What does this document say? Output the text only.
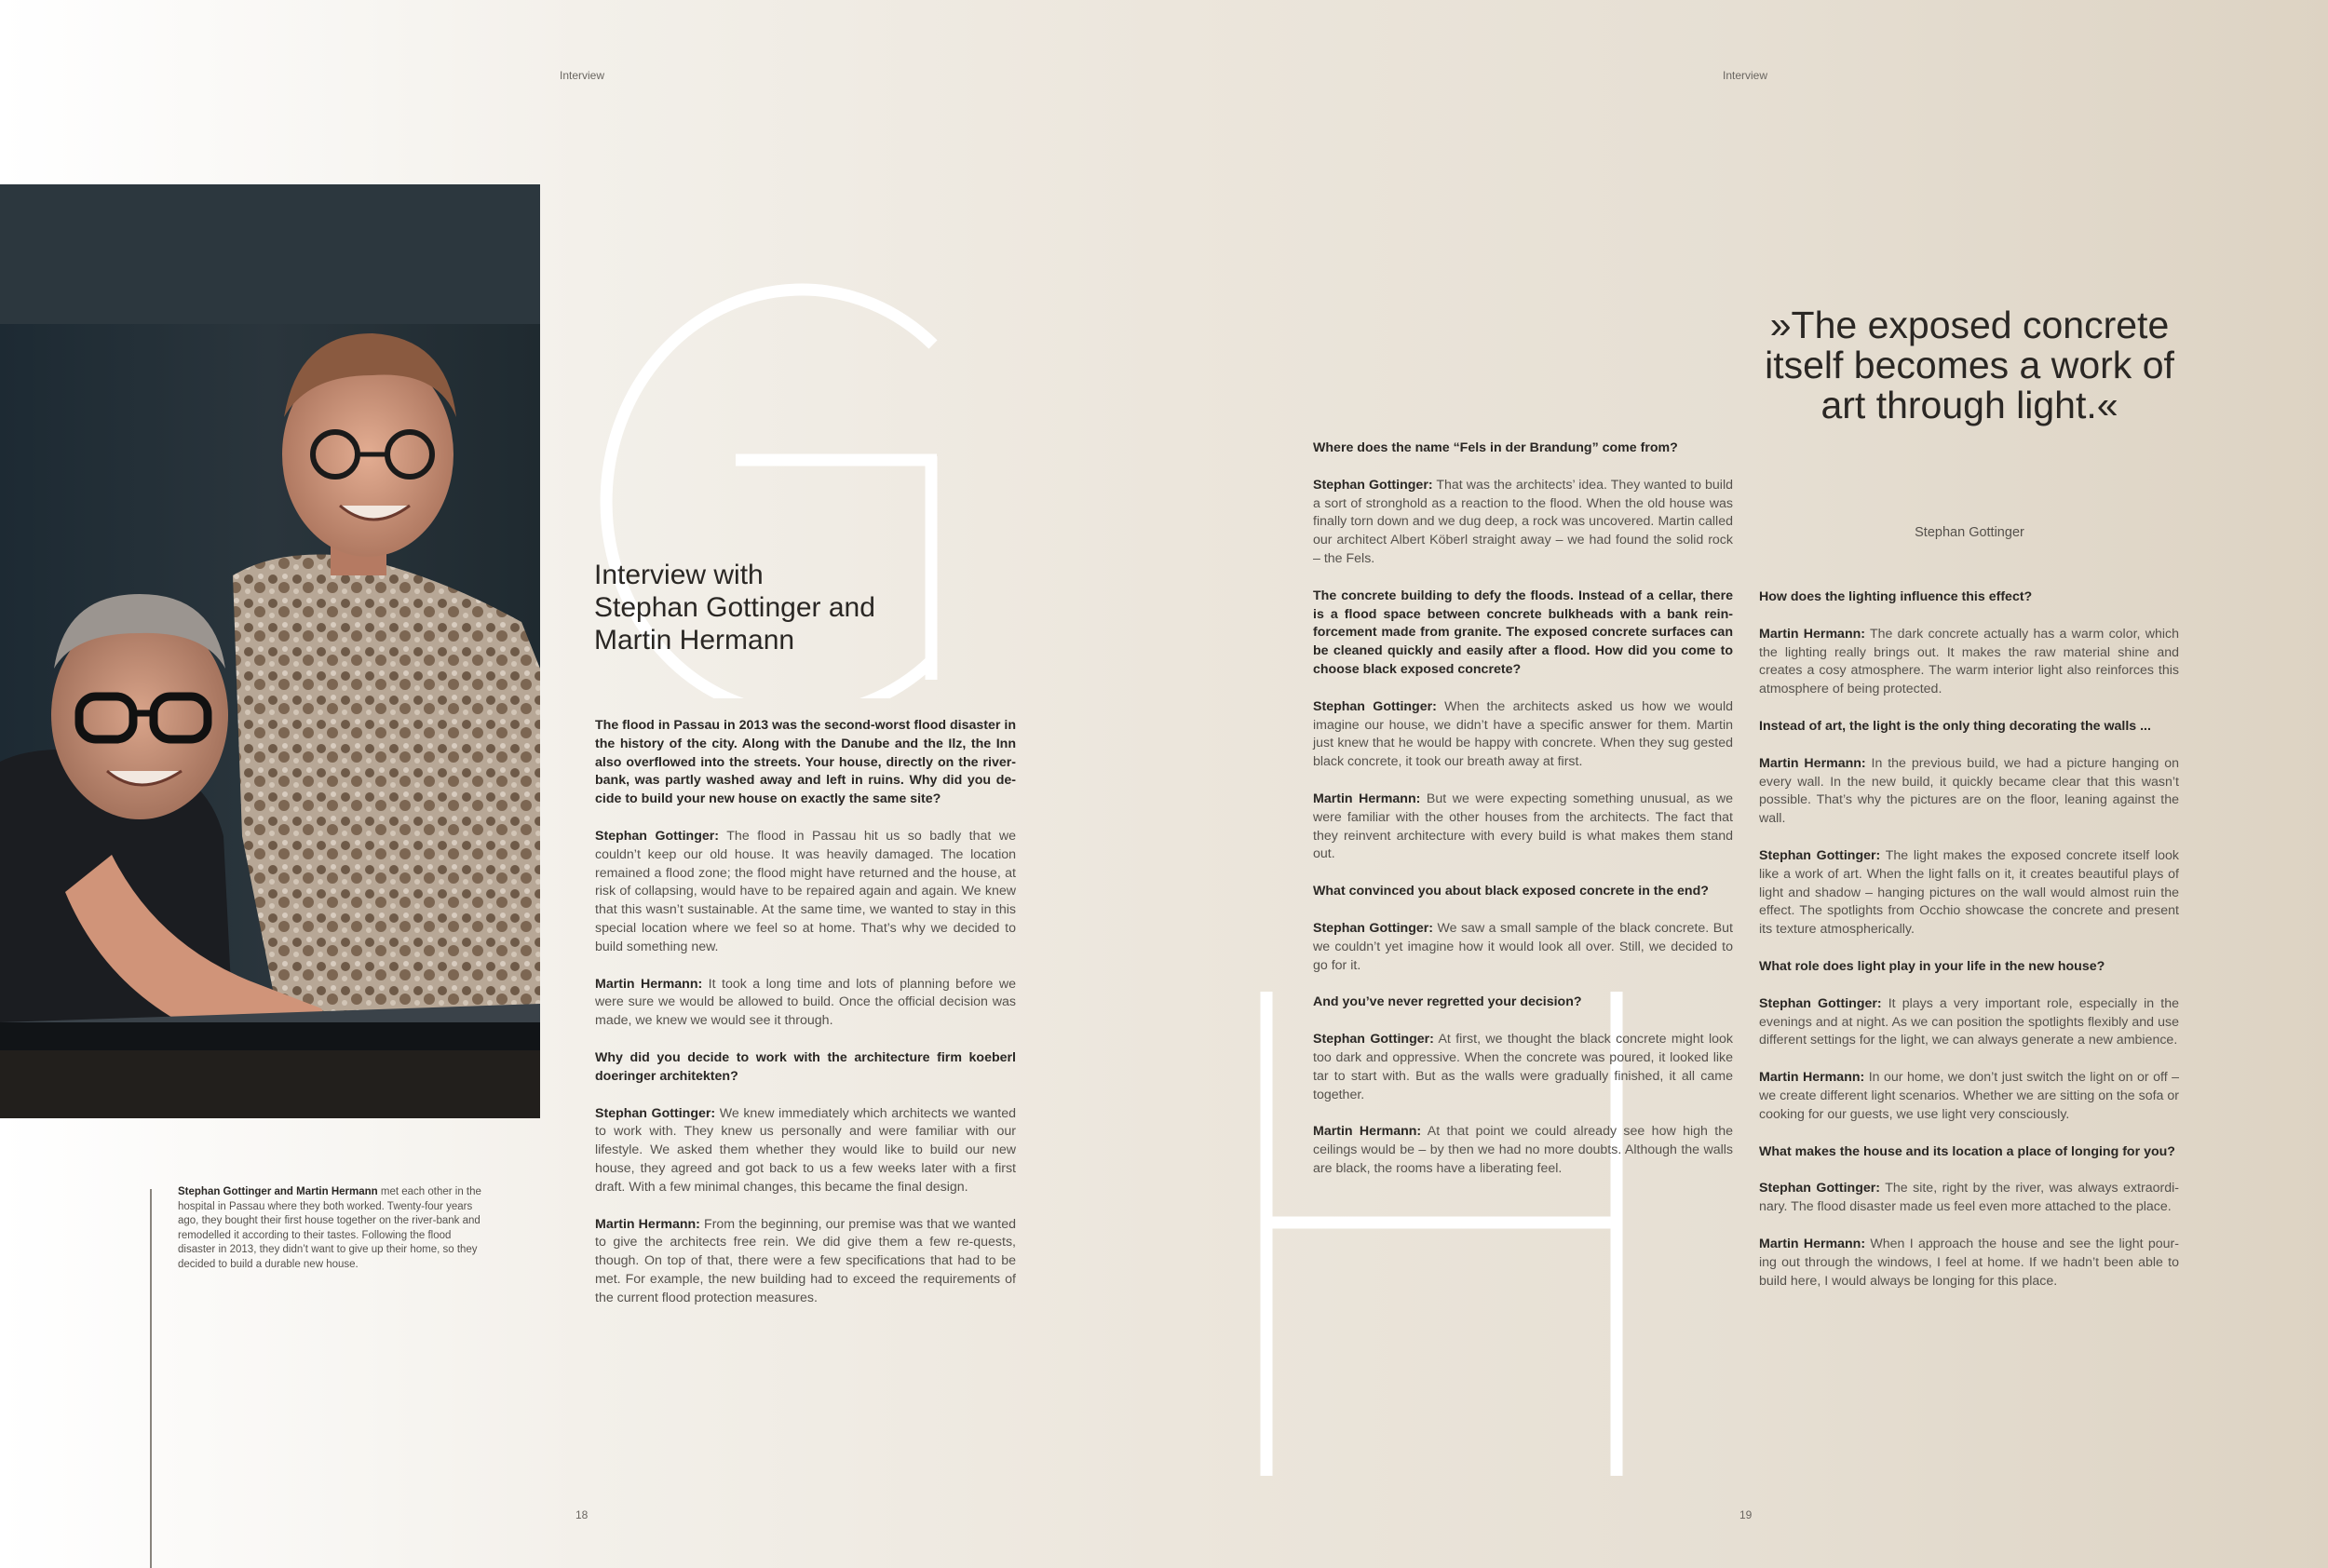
Interview	Interview
Interview with
Stephan Gottinger and
Martin Hermann
Stephan Gottinger and Martin Hermann met each other in the hospital in Passau where they both worked. Twenty-four years ago, they bought their first house together on the river-bank and remodelled it according to their tastes. Following the flood disaster in 2013, they didn’t want to give up their home, so they decided to build a durable new house.

The flood in Passau in 2013 was the second-worst flood disaster in the history of the city. Along with the Danube and the Ilz, the Inn also overflowed into the streets. Your house, directly on the river-bank, was partly washed away and left in ruins. Why did you de-cide to build your new house on exactly the same site?

Stephan Gottinger: The flood in Passau hit us so badly that we couldn’t keep our old house. It was heavily damaged. The location remained a flood zone; the flood might have returned and the house, at risk of collapsing, would have to be repaired again and again. We knew that this wasn’t sustainable. At the same time, we wanted to stay in this special location where we feel so at home. That’s why we decided to build something new.

Martin Hermann: It took a long time and lots of planning before we were sure we would be allowed to build. Once the official decision was made, we knew we would see it through.

Why did you decide to work with the architecture firm koeberl doeringer architekten?

Stephan Gottinger: We knew immediately which architects we wanted to work with. They knew us personally and were familiar with our lifestyle. We asked them whether they would like to build our new house, they agreed and got back to us a few weeks later with a first draft. With a few minimal changes, this became the final design.

Martin Hermann: From the beginning, our premise was that we wanted to give the architects free rein. We did give them a few re-quests, though. On top of that, there were a few specifications that had to be met. For example, the new building had to exceed the requirements of the current flood protection measures.

Where does the name “Fels in der Brandung” come from?

Stephan Gottinger: That was the architects’ idea. They wanted to build a sort of stronghold as a reaction to the flood. When the old house was finally torn down and we dug deep, a rock was uncovered. Martin called our architect Albert Köberl straight away – we had found the solid rock – the Fels.

The concrete building to defy the floods. Instead of a cellar, there is a flood space between concrete bulkheads with a bank rein-forcement made from granite. The exposed concrete surfaces can be cleaned quickly and easily after a flood. How did you come to choose black exposed concrete?

Stephan Gottinger: When the architects asked us how we would imagine our house, we didn’t have a specific answer for them. Martin just knew that he would be happy with concrete. When they sug gested black concrete, it took our breath away at first.

Martin Hermann: But we were expecting something unusual, as we were familiar with the other houses from the architects. The fact that they reinvent architecture with every build is what makes them stand out.

What convinced you about black exposed concrete in the end?

Stephan Gottinger: We saw a small sample of the black concrete. But we couldn’t yet imagine how it would look all over. Still, we decided to go for it.

And you’ve never regretted your decision?

Stephan Gottinger: At first, we thought the black concrete might look too dark and oppressive. When the concrete was poured, it looked like tar to start with. But as the walls were gradually finished, it all came together.

Martin Hermann: At that point we could already see how high the ceilings would be – by then we had no more doubts. Although the walls are black, the rooms have a liberating feel.

»The exposed concrete itself becomes a work of art through light.«
Stephan Gottinger

How does the lighting influence this effect?

Martin Hermann: The dark concrete actually has a warm color, which the lighting really brings out. It makes the raw material shine and creates a cosy atmosphere. The warm interior light also reinforces this atmosphere of being protected.

Instead of art, the light is the only thing decorating the walls ...

Martin Hermann: In the previous build, we had a picture hanging on every wall. In the new build, it quickly became clear that this wasn’t possible. That’s why the pictures are on the floor, leaning against the wall.

Stephan Gottinger: The light makes the exposed concrete itself look like a work of art. When the light falls on it, it creates beautiful plays of light and shadow – hanging pictures on the wall would almost ruin the effect. The spotlights from Occhio showcase the concrete and present its texture atmospherically.

What role does light play in your life in the new house?

Stephan Gottinger: It plays a very important role, especially in the evenings and at night. As we can position the spotlights flexibly and use different settings for the light, we can always generate a new ambience.

Martin Hermann: In our home, we don’t just switch the light on or off – we create different light scenarios. Whether we are sitting on the sofa or cooking for our guests, we use light very consciously.

What makes the house and its location a place of longing for you?

Stephan Gottinger: The site, right by the river, was always extraordi-nary. The flood disaster made us feel even more attached to the place.

Martin Hermann: When I approach the house and see the light pour-ing out through the windows, I feel at home. If we hadn’t been able to build here, I would always be longing for this place.

18	19
